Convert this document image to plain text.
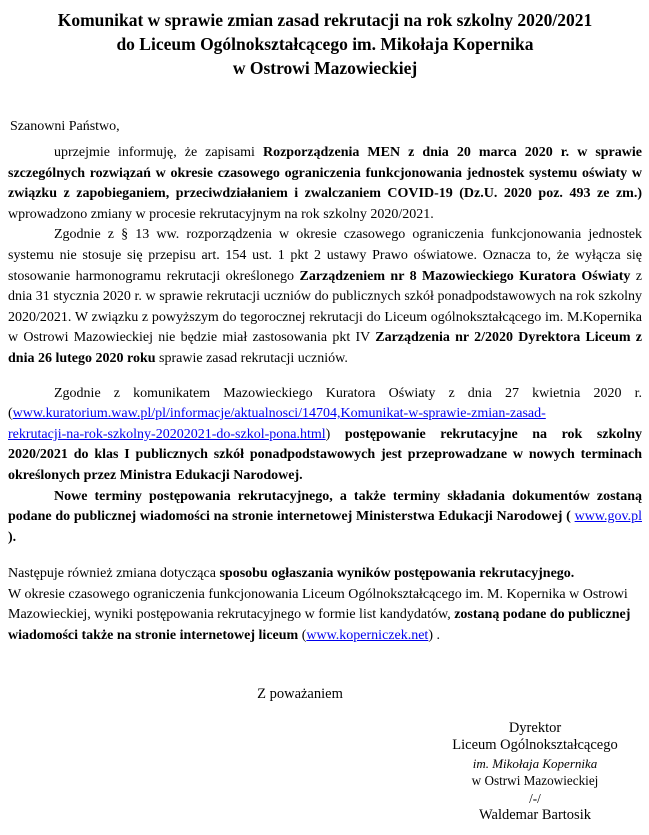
Komunikat w sprawie zmian zasad rekrutacji na rok szkolny 2020/2021
do Liceum Ogólnokształcącego im. Mikołaja Kopernika
w Ostrowi Mazowieckiej

Szanowni Państwo,

uprzejmie informuję, że zapisami Rozporządzenia MEN z dnia 20 marca 2020 r. w sprawie szczególnych rozwiązań w okresie czasowego ograniczenia funkcjonowania jednostek systemu oświaty w związku z zapobieganiem, przeciwdziałaniem i zwalczaniem COVID-19 (Dz.U. 2020 poz. 493 ze zm.) wprowadzono zmiany w procesie rekrutacyjnym na rok szkolny 2020/2021.

Zgodnie z § 13 ww. rozporządzenia w okresie czasowego ograniczenia funkcjonowania jednostek systemu nie stosuje się przepisu art. 154 ust. 1 pkt 2 ustawy Prawo oświatowe. Oznacza to, że wyłącza się stosowanie harmonogramu rekrutacji określonego Zarządzeniem nr 8 Mazowieckiego Kuratora Oświaty z dnia 31 stycznia 2020 r. w sprawie rekrutacji uczniów do publicznych szkół ponadpodstawowych na rok szkolny 2020/2021. W związku z powyższym do tegorocznej rekrutacji do Liceum ogólnokształcącego im. M.Kopernika w Ostrowi Mazowieckiej nie będzie miał zastosowania pkt IV Zarządzenia nr 2/2020 Dyrektora Liceum z dnia 26 lutego 2020 roku sprawie zasad rekrutacji uczniów.

Zgodnie z komunikatem Mazowieckiego Kuratora Oświaty z dnia 27 kwietnia 2020 r. (www.kuratorium.waw.pl/pl/informacje/aktualnosci/14704,Komunikat-w-sprawie-zmian-zasad-
rekrutacji-na-rok-szkolny-20202021-do-szkol-pona.html) postępowanie rekrutacyjne na rok szkolny 2020/2021 do klas I publicznych szkół ponadpodstawowych jest przeprowadzane w nowych terminach określonych przez Ministra Edukacji Narodowej.

Nowe terminy postępowania rekrutacyjnego, a także terminy składania dokumentów zostaną podane do publicznej wiadomości na stronie internetowej Ministerstwa Edukacji Narodowej ( www.gov.pl ).

Następuje również zmiana dotycząca sposobu ogłaszania wyników postępowania rekrutacyjnego.
W okresie czasowego ograniczenia funkcjonowania Liceum Ogólnokształcącego im. M. Kopernika w Ostrowi Mazowieckiej, wyniki postępowania rekrutacyjnego w formie list kandydatów, zostaną podane do publicznej wiadomości także na stronie internetowej liceum (www.koperniczek.net) .

Z poważaniem
Dyrektor
Liceum Ogólnokształcącego
im. Mikołaja Kopernika
w Ostrwi Mazowieckiej
/-/
Waldemar Bartosik
